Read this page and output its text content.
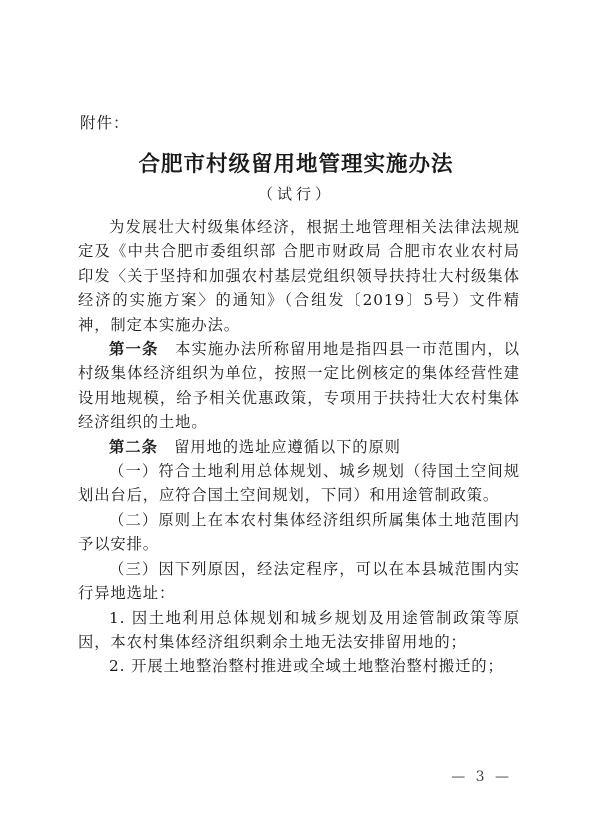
附件：
合肥市村级留用地管理实施办法
（试行）

为发展壮大村级集体经济，根据土地管理相关法律法规规定及《中共合肥市委组织部 合肥市财政局 合肥市农业农村局印发〈关于坚持和加强农村基层党组织领导扶持壮大村级集体经济的实施方案〉的通知》（合组发〔2019〕5号）文件精神，制定本实施办法。

第一条　 本实施办法所称留用地是指四县一市范围内，以村级集体经济组织为单位，按照一定比例核定的集体经营性建设用地规模，给予相关优惠政策，专项用于扶持壮大农村集体经济组织的土地。

第二条　 留用地的选址应遵循以下的原则

（一）符合土地利用总体规划、城乡规划（待国土空间规划出台后，应符合国土空间规划，下同）和用途管制政策。

（二）原则上在本农村集体经济组织所属集体土地范围内予以安排。

（三）因下列原因，经法定程序，可以在本县城范围内实行异地选址：

1. 因土地利用总体规划和城乡规划及用途管制政策等原因，本农村集体经济组织剩余土地无法安排留用地的；

2. 开展土地整治整村推进或全域土地整治整村搬迁的；

— 3 —
